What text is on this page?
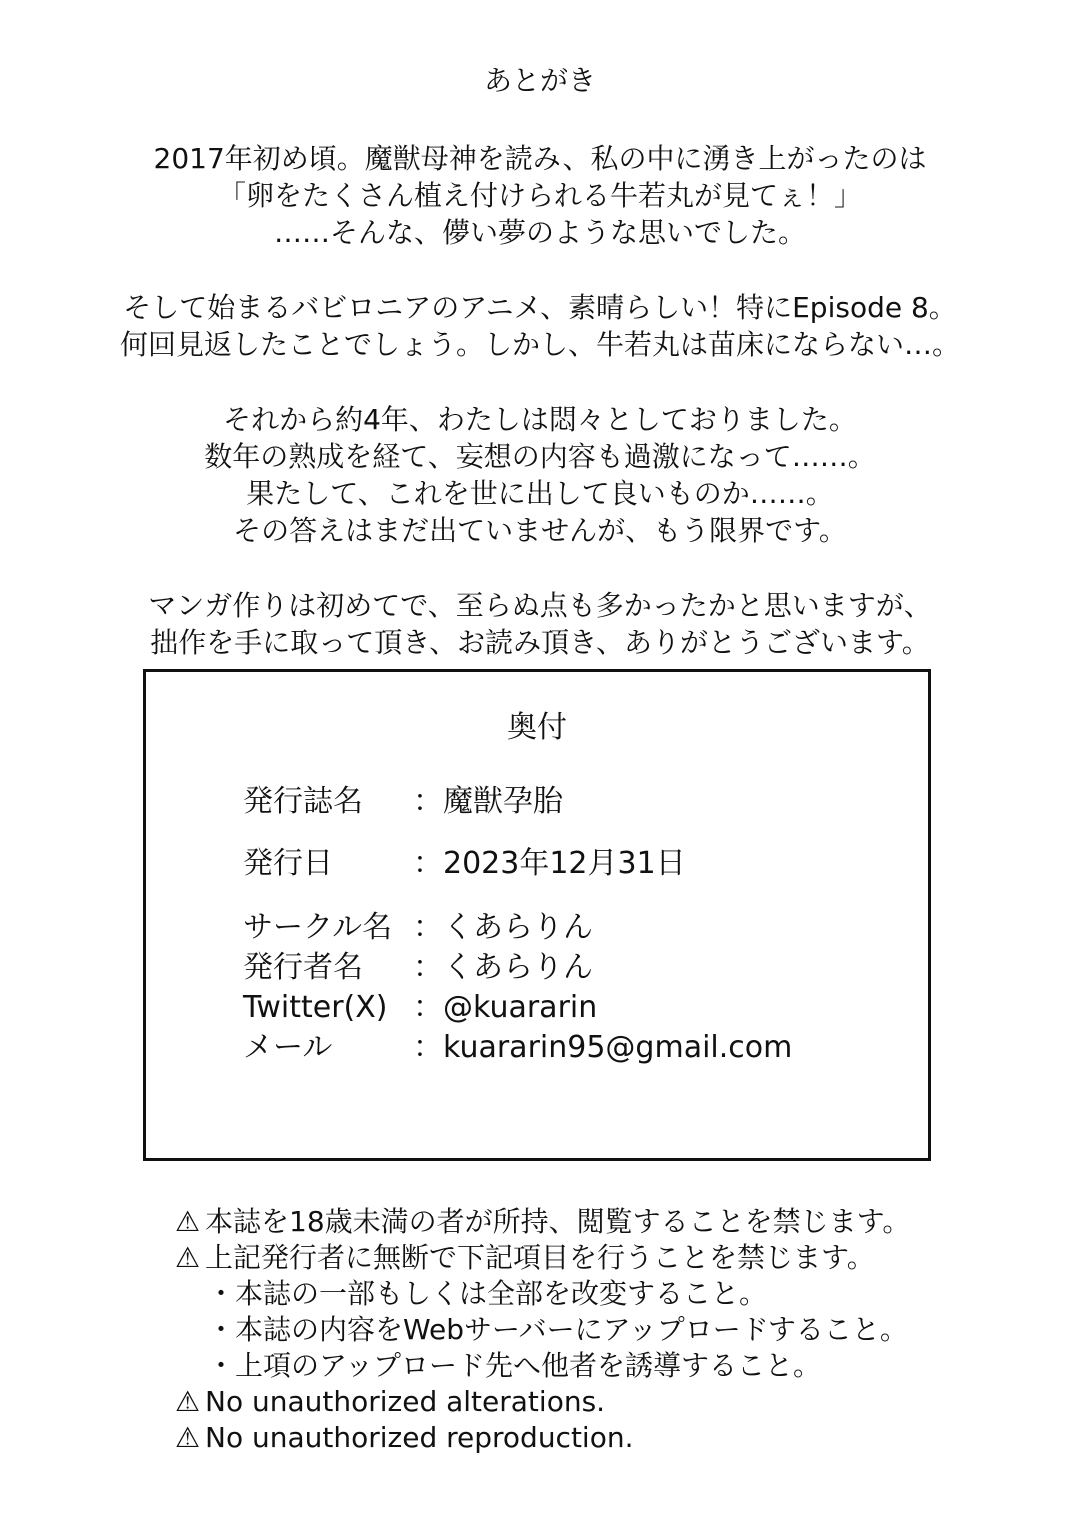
あとがき
2017年初め頃。魔獣母神を読み、私の中に湧き上がったのは
「卵をたくさん植え付けられる牛若丸が見てぇ！」
……そんな、儚い夢のような思いでした。
そして始まるバビロニアのアニメ、素晴らしい！特にEpisode 8。
何回見返したことでしょう。しかし、牛若丸は苗床にならない…。
それから約4年、わたしは悶々としておりました。
数年の熟成を経て、妄想の内容も過激になって……。
果たして、これを世に出して良いものか……。
その答えはまだ出ていませんが、もう限界です。
マンガ作りは初めてで、至らぬ点も多かったかと思いますが、
拙作を手に取って頂き、お読み頂き、ありがとうございます。
奥付
発行誌名 ：魔獣孕胎
発行日	：2023年12月31日
サークル名 ：くあらりん
発行者名 ：くあらりん
Twitter(X) ：@kuararin
メール	：kuararin95@gmail.com
⚠ 本誌を18歳未満の者が所持、閲覧することを禁じます。
⚠ 上記発行者に無断で下記項目を行うことを禁じます。
・本誌の一部もしくは全部を改変すること。
・本誌の内容をWebサーバーにアップロードすること。
・上項のアップロード先へ他者を誘導すること。
⚠ No unauthorized alterations.
⚠ No unauthorized reproduction.
